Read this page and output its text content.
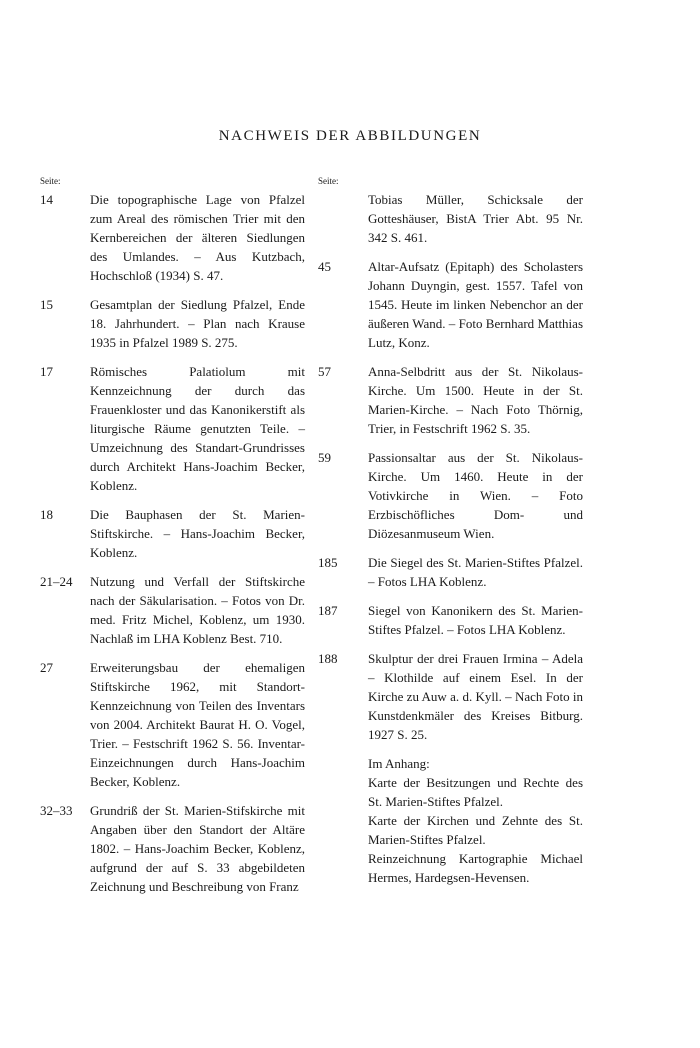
NACHWEIS DER ABBILDUNGEN
Seite:
14	Die topographische Lage von Pfalzel zum Areal des römischen Trier mit den Kernbereichen der älteren Siedlungen des Umlandes. – Aus Kutzbach, Hochschloß (1934) S. 47.
15	Gesamtplan der Siedlung Pfalzel, Ende 18. Jahrhundert. – Plan nach Krause 1935 in Pfalzel 1989 S. 275.
17	Römisches Palatiolum mit Kennzeichnung der durch das Frauenkloster und das Kanonikerstift als liturgische Räume genutzten Teile. – Umzeichnung des Standart-Grundrisses durch Architekt Hans-Joachim Becker, Koblenz.
18	Die Bauphasen der St. Marien-Stiftskirche. – Hans-Joachim Becker, Koblenz.
21–24	Nutzung und Verfall der Stiftskirche nach der Säkularisation. – Fotos von Dr. med. Fritz Michel, Koblenz, um 1930. Nachlaß im LHA Koblenz Best. 710.
27	Erweiterungsbau der ehemaligen Stiftskirche 1962, mit Standort-Kennzeichnung von Teilen des Inventars von 2004. Architekt Baurat H. O. Vogel, Trier. – Festschrift 1962 S. 56. Inventar-Einzeichnungen durch Hans-Joachim Becker, Koblenz.
32–33	Grundriß der St. Marien-Stifskirche mit Angaben über den Standort der Altäre 1802. – Hans-Joachim Becker, Koblenz, aufgrund der auf S. 33 abgebildeten Zeichnung und Beschreibung von Franz
Seite:
Tobias Müller, Schicksale der Gotteshäuser, BistA Trier Abt. 95 Nr. 342 S. 461.
45	Altar-Aufsatz (Epitaph) des Scholasters Johann Duyngin, gest. 1557. Tafel von 1545. Heute im linken Nebenchor an der äußeren Wand. – Foto Bernhard Matthias Lutz, Konz.
57	Anna-Selbdritt aus der St. Nikolaus-Kirche. Um 1500. Heute in der St. Marien-Kirche. – Nach Foto Thörnig, Trier, in Festschrift 1962 S. 35.
59	Passionsaltar aus der St. Nikolaus-Kirche. Um 1460. Heute in der Votivkirche in Wien. – Foto Erzbischöfliches Dom- und Diözesanmuseum Wien.
185	Die Siegel des St. Marien-Stiftes Pfalzel. – Fotos LHA Koblenz.
187	Siegel von Kanonikern des St. Marien-Stiftes Pfalzel. – Fotos LHA Koblenz.
188	Skulptur der drei Frauen Irmina – Adela – Klothilde auf einem Esel. In der Kirche zu Auw a. d. Kyll. – Nach Foto in Kunstdenkmäler des Kreises Bitburg. 1927 S. 25.
Im Anhang:
Karte der Besitzungen und Rechte des St. Marien-Stiftes Pfalzel.
Karte der Kirchen und Zehnte des St. Marien-Stiftes Pfalzel.
Reinzeichnung Kartographie Michael Hermes, Hardegsen-Hevensen.
